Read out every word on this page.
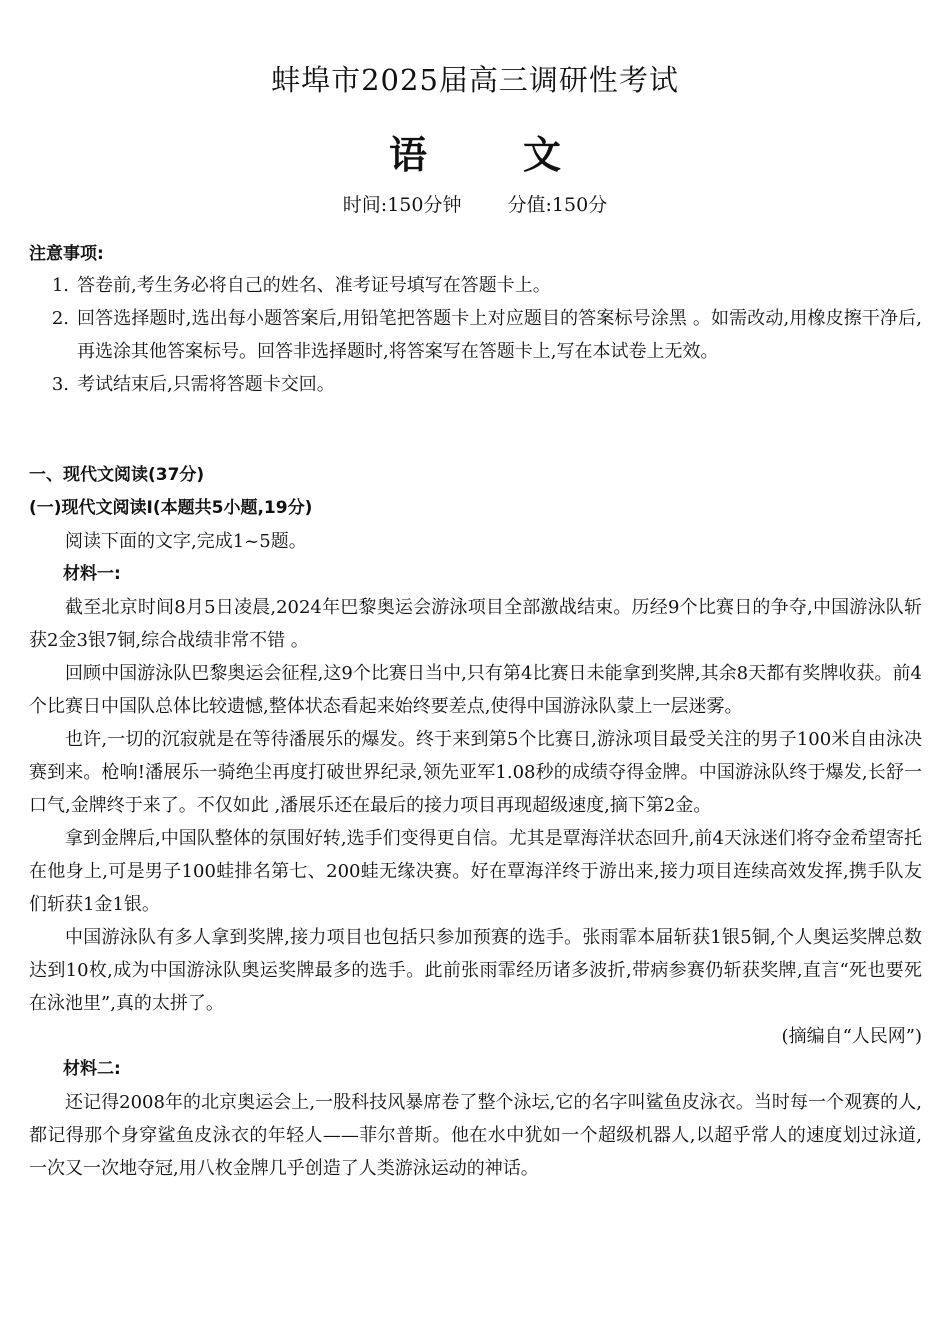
蚌埠市2025届高三调研性考试
语	文
时间:150分钟 分值:150分
注意事项:
1. 答卷前,考生务必将自己的姓名、准考证号填写在答题卡上。
2. 回答选择题时,选出每小题答案后,用铅笔把答题卡上对应题目的答案标号涂黑 。如需改动,用橡皮擦干净后,再选涂其他答案标号。回答非选择题时,将答案写在答题卡上,写在本试卷上无效。
3. 考试结束后,只需将答题卡交回。
一、现代文阅读(37分)
(一)现代文阅读Ⅰ(本题共5小题,19分)

阅读下面的文字,完成1~5题。

材料一:

截至北京时间8月5日凌晨,2024年巴黎奥运会游泳项目全部激战结束。历经9个比赛日的争夺,中国游泳队斩获2金3银7铜,综合战绩非常不错 。

回顾中国游泳队巴黎奥运会征程,这9个比赛日当中,只有第4比赛日未能拿到奖牌,其余8天都有奖牌收获。前4个比赛日中国队总体比较遗憾,整体状态看起来始终要差点,使得中国游泳队蒙上一层迷雾。

也许,一切的沉寂就是在等待潘展乐的爆发。终于来到第5个比赛日,游泳项目最受关注的男子100米自由泳决赛到来。枪响!潘展乐一骑绝尘再度打破世界纪录,领先亚军1.08秒的成绩夺得金牌。中国游泳队终于爆发,长舒一口气,金牌终于来了。不仅如此 ,潘展乐还在最后的接力项目再现超级速度,摘下第2金。

拿到金牌后,中国队整体的氛围好转,选手们变得更自信。尤其是覃海洋状态回升,前4天泳迷们将夺金希望寄托在他身上,可是男子100蛙排名第七、200蛙无缘决赛。好在覃海洋终于游出来,接力项目连续高效发挥,携手队友们斩获1金1银。

中国游泳队有多人拿到奖牌,接力项目也包括只参加预赛的选手。张雨霏本届斩获1银5铜,个人奥运奖牌总数达到10枚,成为中国游泳队奥运奖牌最多的选手。此前张雨霏经历诸多波折,带病参赛仍斩获奖牌,直言“死也要死在泳池里”,真的太拼了。

(摘编自“人民网”)

材料二:

还记得2008年的北京奥运会上,一股科技风暴席卷了整个泳坛,它的名字叫鲨鱼皮泳衣。当时每一个观赛的人,都记得那个身穿鲨鱼皮泳衣的年轻人——菲尔普斯。他在水中犹如一个超级机器人,以超乎常人的速度划过泳道,一次又一次地夺冠,用八枚金牌几乎创造了人类游泳运动的神话。
